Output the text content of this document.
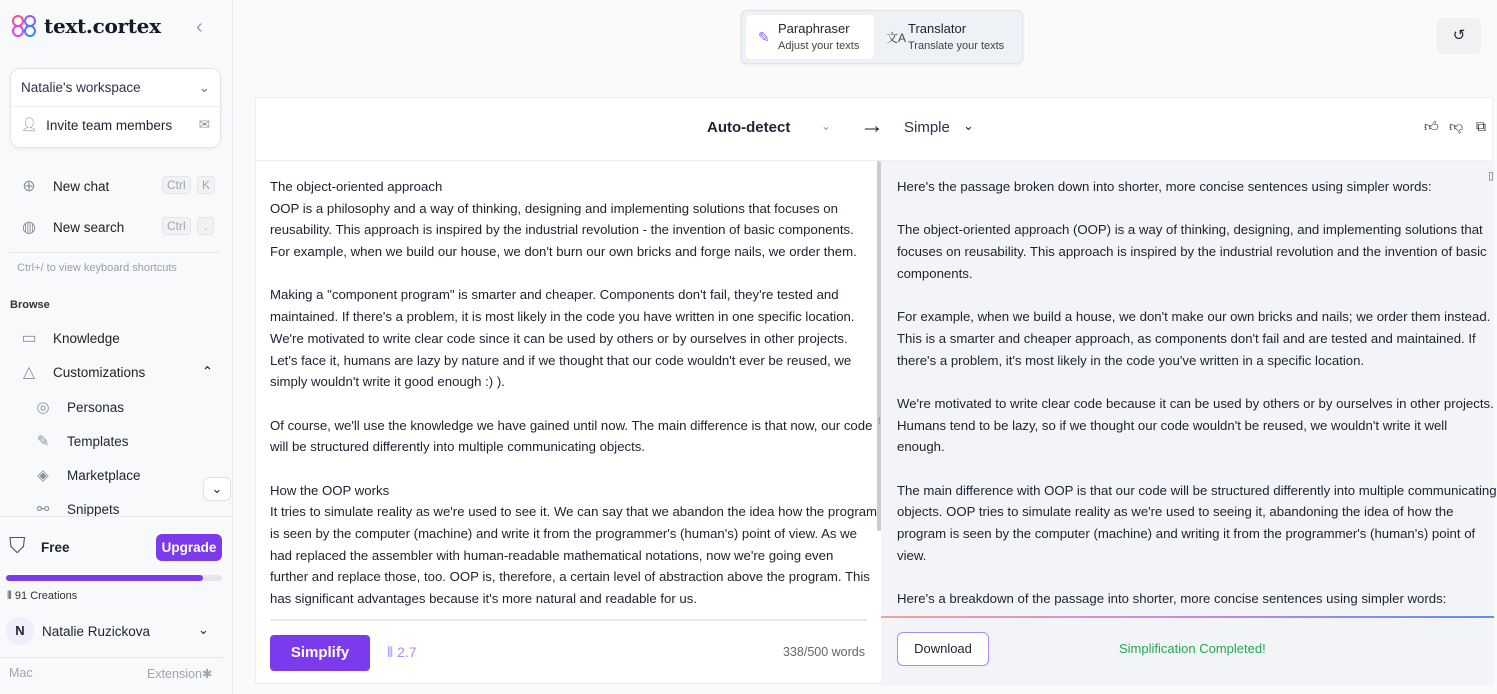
text.cortex ‹
Natalie's workspace	⌄
👤︎ Invite team members	✉︎
⊕	New chat	Ctrl	K
◍ New search	Ctrl	.
Ctrl+/ to view keyboard shortcuts
Browse
▭ Knowledge
△	Customizations	⌃
◎ Personas
✎ Templates
◈	Marketplace
⚯ Snippets
⌄
⛉ Free	Upgrade
⦀ 91 Creations
N	Natalie Ruzickova	⌄
Mac	Extension✱
✎
Paraphraser
Adjust your texts
文A
Translator
Translate your texts
↺
Auto-detect	⌄ → Simple ⌄	👍︎ 👎︎ ⧉
The object-oriented approach
OOP is a philosophy and a way of thinking, designing and implementing solutions that focuses on
reusability. This approach is inspired by the industrial revolution - the invention of basic components.
For example, when we build our house, we don't burn our own bricks and forge nails, we order them.
Making a "component program" is smarter and cheaper. Components don't fail, they're tested and
maintained. If there's a problem, it is most likely in the code you have written in one specific location.
We're motivated to write clear code since it can be used by others or by ourselves in other projects.
Let's face it, humans are lazy by nature and if we thought that our code wouldn't ever be reused, we
simply wouldn't write it good enough :) ).
Of course, we'll use the knowledge we have gained until now. The main difference is that now, our code
will be structured differently into multiple communicating objects.
How the OOP works
It tries to simulate reality as we're used to see it. We can say that we abandon the idea how the program
is seen by the computer (machine) and write it from the programmer's (human's) point of view. As we
had replaced the assembler with human-readable mathematical notations, now we're going even
further and replace those, too. OOP is, therefore, a certain level of abstraction above the program. This
has significant advantages because it's more natural and readable for us.
Simplify	⦀ 2.7	338/500 words
⁞
Here's the passage broken down into shorter, more concise sentences using simpler words:
The object-oriented approach (OOP) is a way of thinking, designing, and implementing solutions that
focuses on reusability. This approach is inspired by the industrial revolution and the invention of basic
components.
For example, when we build a house, we don't make our own bricks and nails; we order them instead.
This is a smarter and cheaper approach, as components don't fail and are tested and maintained. If
there's a problem, it's most likely in the code you've written in a specific location.
We're motivated to write clear code because it can be used by others or by ourselves in other projects.
Humans tend to be lazy, so if we thought our code wouldn't be reused, we wouldn't write it well
enough.
The main difference with OOP is that our code will be structured differently into multiple communicating
objects. OOP tries to simulate reality as we're used to seeing it, abandoning the idea of how the
program is seen by the computer (machine) and writing it from the programmer's (human's) point of
view.
Here's a breakdown of the passage into shorter, more concise sentences using simpler words:
▯
Download	Simplification Completed!
